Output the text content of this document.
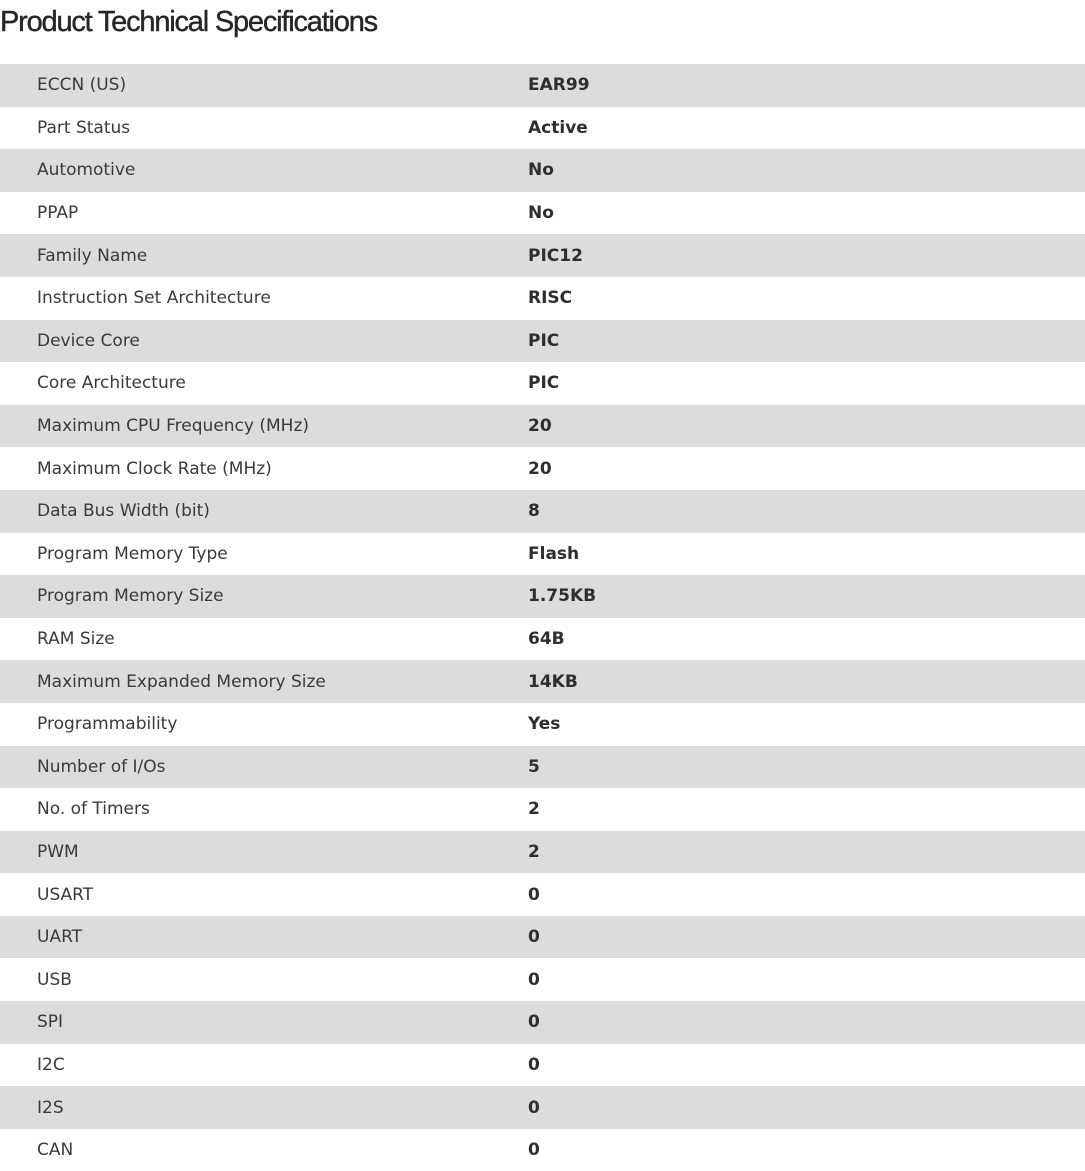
Product Technical Specifications
ECCN (US)	EAR99
Part Status	Active
Automotive	No
PPAP	No
Family Name	PIC12
Instruction Set Architecture	RISC
Device Core	PIC
Core Architecture	PIC
Maximum CPU Frequency (MHz)	20
Maximum Clock Rate (MHz)	20
Data Bus Width (bit)	8
Program Memory Type	Flash
Program Memory Size	1.75KB
RAM Size	64B
Maximum Expanded Memory Size	14KB
Programmability	Yes
Number of I/Os	5
No. of Timers	2
PWM	2
USART	0
UART	0
USB	0
SPI	0
I2C	0
I2S	0
CAN	0
